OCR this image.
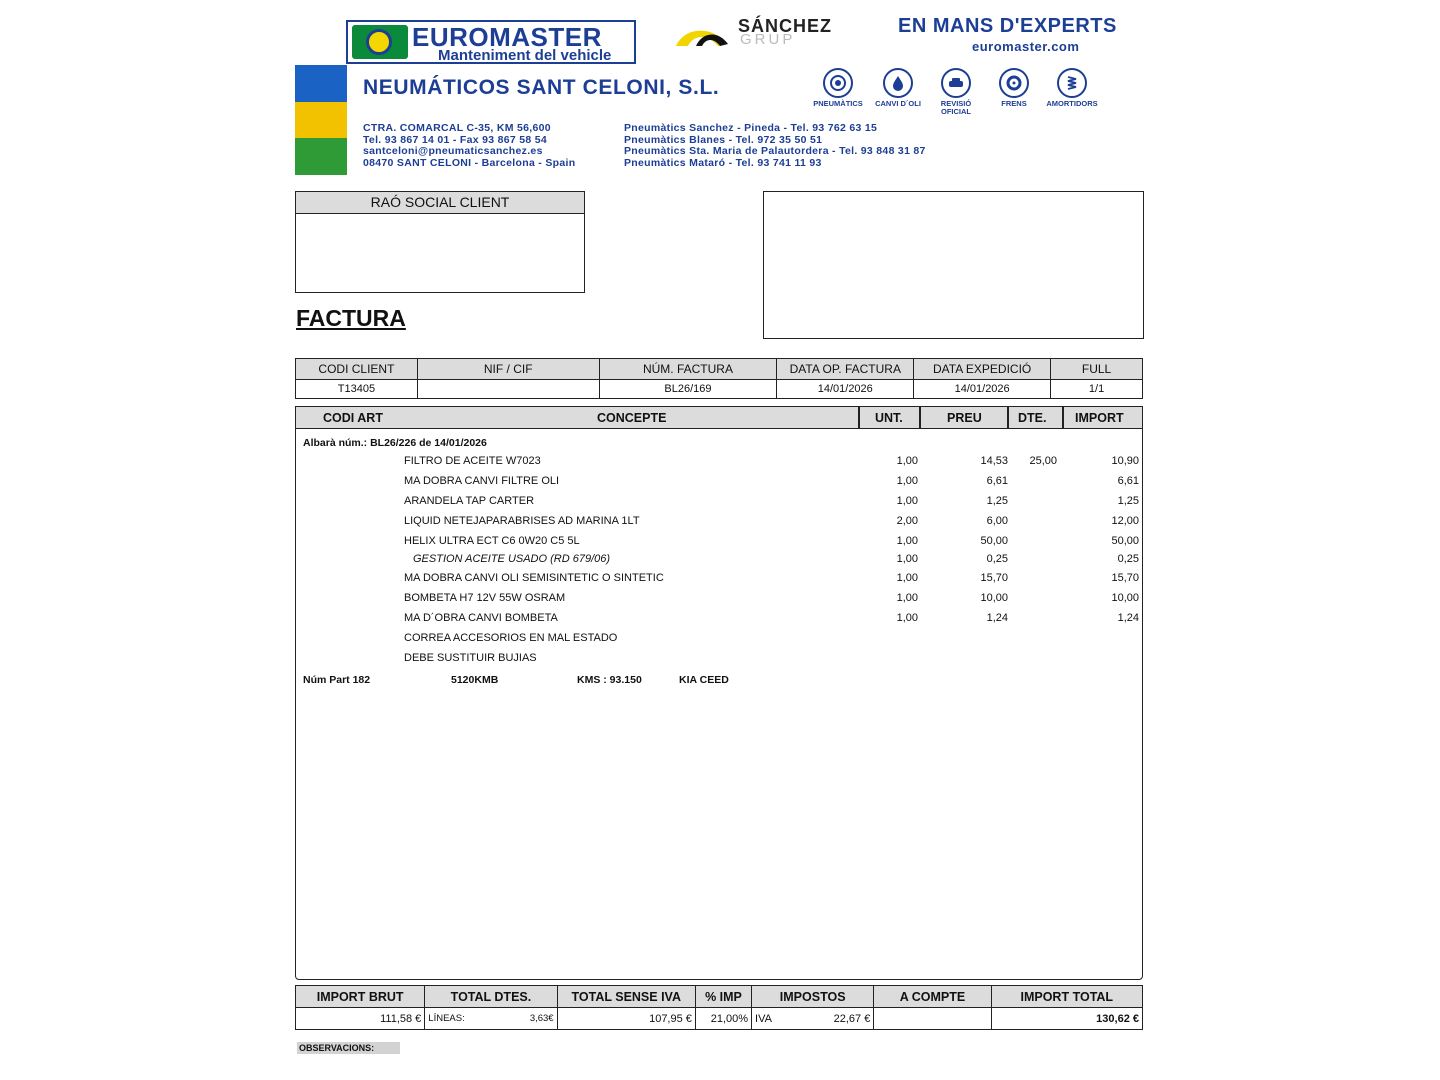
EUROMASTER
Manteniment del vehicle
SÁNCHEZ
GRUP
EN MANS D'EXPERTS
euromaster.com
NEUMÁTICOS SANT CELONI, S.L.
PNEUMÀTICS	CANVI D´OLI	REVISIÓ OFICIAL
FRENS	AMORTIDORS
CTRA. COMARCAL C-35, KM 56,600
Tel. 93 867 14 01 - Fax 93 867 58 54
santceloni@pneumaticsanchez.es
08470 SANT CELONI - Barcelona - Spain
Pneumàtics Sanchez - Pineda - Tel. 93 762 63 15
Pneumàtics Blanes - Tel. 972 35 50 51
Pneumàtics Sta. Maria de Palautordera - Tel. 93 848 31 87
Pneumàtics Mataró - Tel. 93 741 11 93
RAÓ SOCIAL CLIENT
FACTURA
CODI CLIENT	NIF / CIF	NÚM. FACTURA	DATA OP. FACTURA	DATA EXPEDICIÓ	FULL
T13405		BL26/169	14/01/2026	14/01/2026	1/1
CODI ART	CONCEPTE	UNT.	PREU	DTE. IMPORT
Albarà núm.: BL26/226 de 14/01/2026
FILTRO DE ACEITE W7023	1,00	14,53 25,00	10,90
MA DOBRA CANVI FILTRE OLI	1,00	6,61	6,61
ARANDELA TAP CARTER	1,00	1,25	1,25
LIQUID NETEJAPARABRISES AD MARINA 1LT	2,00	6,00	12,00
HELIX ULTRA ECT C6 0W20 C5 5L	1,00	50,00	50,00
GESTION ACEITE USADO (RD 679/06)	1,00	0,25	0,25
MA DOBRA CANVI OLI SEMISINTETIC O SINTETIC	1,00	15,70	15,70
BOMBETA H7 12V 55W OSRAM	1,00	10,00	10,00
MA D´OBRA CANVI BOMBETA	1,00	1,24	1,24
CORREA ACCESORIOS EN MAL ESTADO
DEBE SUSTITUIR BUJIAS
Núm Part 182	5120KMB	KMS : 93.150	KIA CEED
IMPORT BRUT	TOTAL DTES.	TOTAL SENSE IVA	% IMP	IMPOSTOS	A COMPTE	IMPORT TOTAL
111,58 €	LÍNEAS: 3,63€	107,95 €	21,00%	IVA 22,67 €		130,62 €
OBSERVACIONS:
